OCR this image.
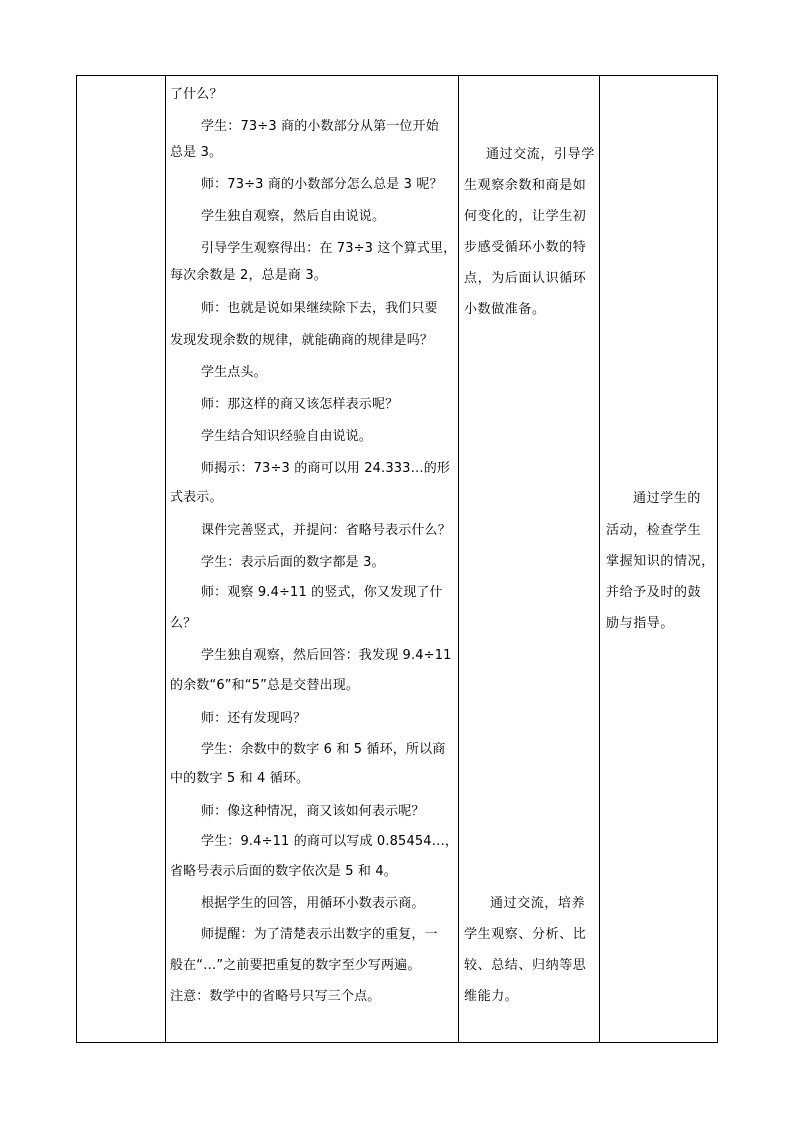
了什么？
学生：73÷3 商的小数部分从第一位开始
总是 3。
师：73÷3 商的小数部分怎么总是 3 呢？
学生独自观察，然后自由说说。
引导学生观察得出：在 73÷3 这个算式里，
每次余数是 2，总是商 3。
师：也就是说如果继续除下去，我们只要
发现发现余数的规律，就能确商的规律是吗？
学生点头。
师：那这样的商又该怎样表示呢？
学生结合知识经验自由说说。
师揭示：73÷3 的商可以用 24.333…的形
式表示。
课件完善竖式，并提问：省略号表示什么？
学生：表示后面的数字都是 3。
师：观察 9.4÷11 的竖式，你又发现了什
么？
学生独自观察，然后回答：我发现 9.4÷11
的余数“6”和“5”总是交替出现。
师：还有发现吗？
学生：余数中的数字 6 和 5 循环，所以商
中的数字 5 和 4 循环。
师：像这种情况，商又该如何表示呢？
学生：9.4÷11 的商可以写成 0.85454…，
省略号表示后面的数字依次是 5 和 4。
根据学生的回答，用循环小数表示商。
师提醒：为了清楚表示出数字的重复，一
般在“…”之前要把重复的数字至少写两遍。
注意：数学中的省略号只写三个点。
通过交流，引导学
生观察余数和商是如
何变化的，让学生初
步感受循环小数的特
点，为后面认识循环
小数做准备。
通过交流，培养
学生观察、分析、比
较、总结、归纳等思
维能力。
通过学生的
活动，检查学生
掌握知识的情况，
并给予及时的鼓
励与指导。
